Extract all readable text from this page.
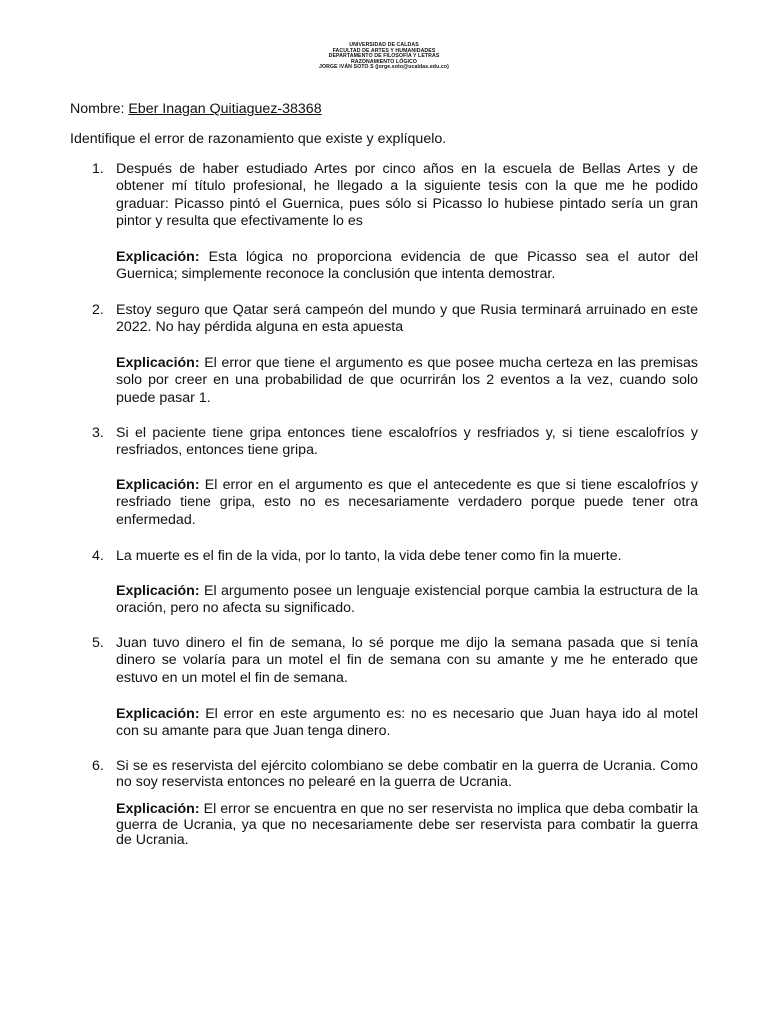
UNIVERSIDAD DE CALDAS
FACULTAD DE ARTES Y HUMANIDADES
DEPARTAMENTO DE FILOSOFÍA Y LETRAS
RAZONAMIENTO LÓGICO
JORGE IVÁN SOTO S (jorge.soto@ucaldas.edu.co)
Nombre: Eber Inagan Quitiaguez-38368
Identifique el error de razonamiento que existe y explíquelo.
1. Después de haber estudiado Artes por cinco años en la escuela de Bellas Artes y de obtener mí título profesional, he llegado a la siguiente tesis con la que me he podido graduar: Picasso pintó el Guernica, pues sólo si Picasso lo hubiese pintado sería un gran pintor y resulta que efectivamente lo es
Explicación: Esta lógica no proporciona evidencia de que Picasso sea el autor del Guernica; simplemente reconoce la conclusión que intenta demostrar.
2. Estoy seguro que Qatar será campeón del mundo y que Rusia terminará arruinado en este 2022. No hay pérdida alguna en esta apuesta
Explicación: El error que tiene el argumento es que posee mucha certeza en las premisas solo por creer en una probabilidad de que ocurrirán los 2 eventos a la vez, cuando solo puede pasar 1.
3. Si el paciente tiene gripa entonces tiene escalofríos y resfriados y, si tiene escalofríos y resfriados, entonces tiene gripa.
Explicación: El error en el argumento es que el antecedente es que si tiene escalofríos y resfriado tiene gripa, esto no es necesariamente verdadero porque puede tener otra enfermedad.
4. La muerte es el fin de la vida, por lo tanto, la vida debe tener como fin la muerte.
Explicación: El argumento posee un lenguaje existencial porque cambia la estructura de la oración, pero no afecta su significado.
5. Juan tuvo dinero el fin de semana, lo sé porque me dijo la semana pasada que si tenía dinero se volaría para un motel el fin de semana con su amante y me he enterado que estuvo en un motel el fin de semana.
Explicación: El error en este argumento es: no es necesario que Juan haya ido al motel con su amante para que Juan tenga dinero.
6. Si se es reservista del ejército colombiano se debe combatir en la guerra de Ucrania. Como no soy reservista entonces no pelearé en la guerra de Ucrania.
Explicación: El error se encuentra en que no ser reservista no implica que deba combatir la guerra de Ucrania, ya que no necesariamente debe ser reservista para combatir la guerra de Ucrania.
